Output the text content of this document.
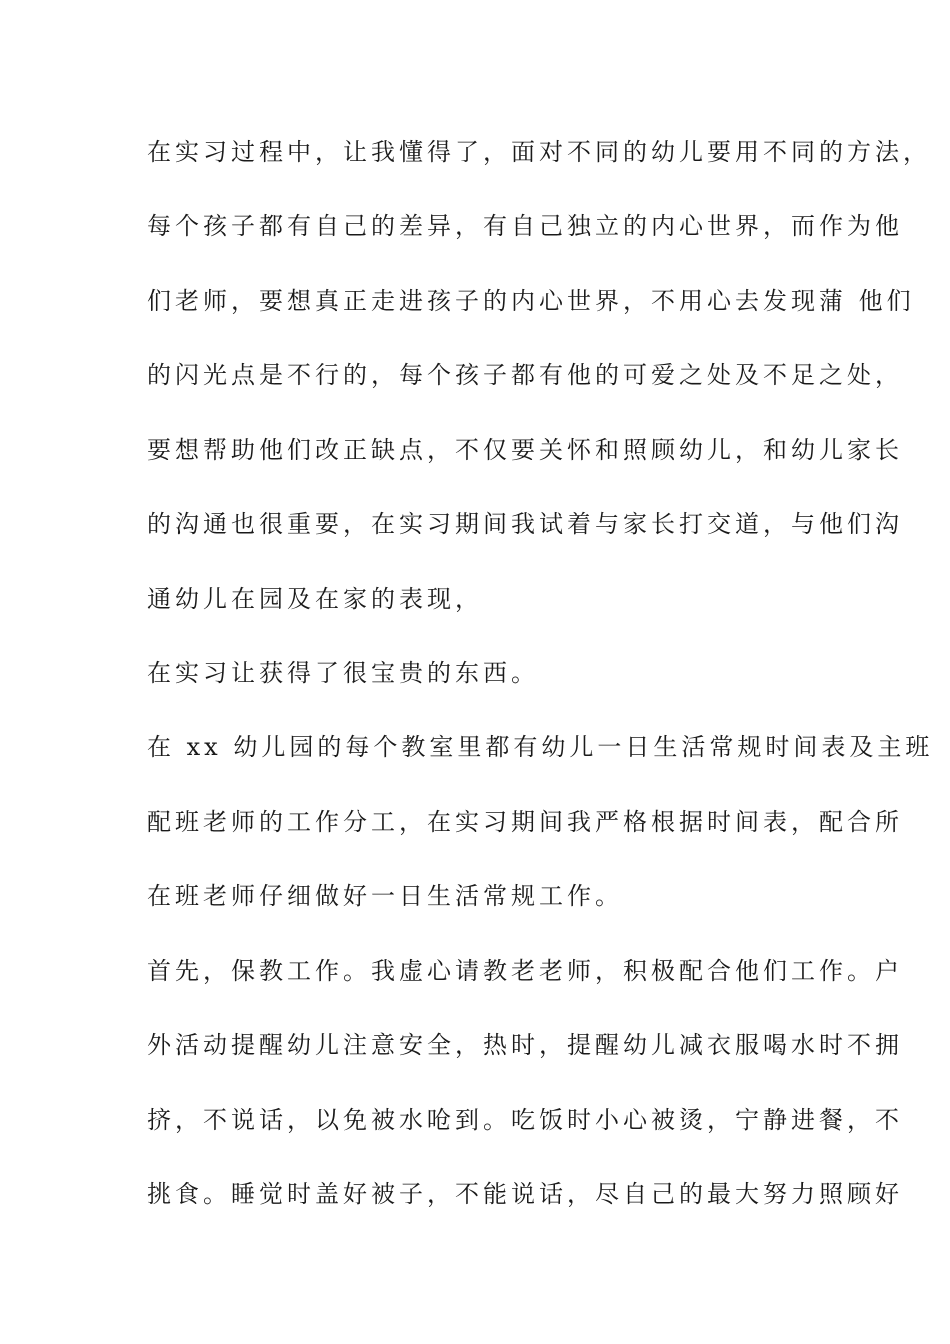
在实习过程中，让我懂得了，面对不同的幼儿要用不同的方法，
每个孩子都有自己的差异，有自己独立的内心世界，而作为他
们老师，要想真正走进孩子的内心世界，不用心去发现蒲 他们
的闪光点是不行的，每个孩子都有他的可爱之处及不足之处，
要想帮助他们改正缺点，不仅要关怀和照顾幼儿，和幼儿家长
的沟通也很重要，在实习期间我试着与家长打交道，与他们沟
通幼儿在园及在家的表现，
在实习让获得了很宝贵的东西。
在 xx 幼儿园的每个教室里都有幼儿一日生活常规时间表及主班
配班老师的工作分工，在实习期间我严格根据时间表，配合所
在班老师仔细做好一日生活常规工作。
首先，保教工作。我虚心请教老老师，积极配合他们工作。户
外活动提醒幼儿注意安全，热时，提醒幼儿减衣服喝水时不拥
挤，不说话，以免被水呛到。吃饭时小心被烫，宁静进餐，不
挑食。睡觉时盖好被子，不能说话，尽自己的最大努力照顾好
